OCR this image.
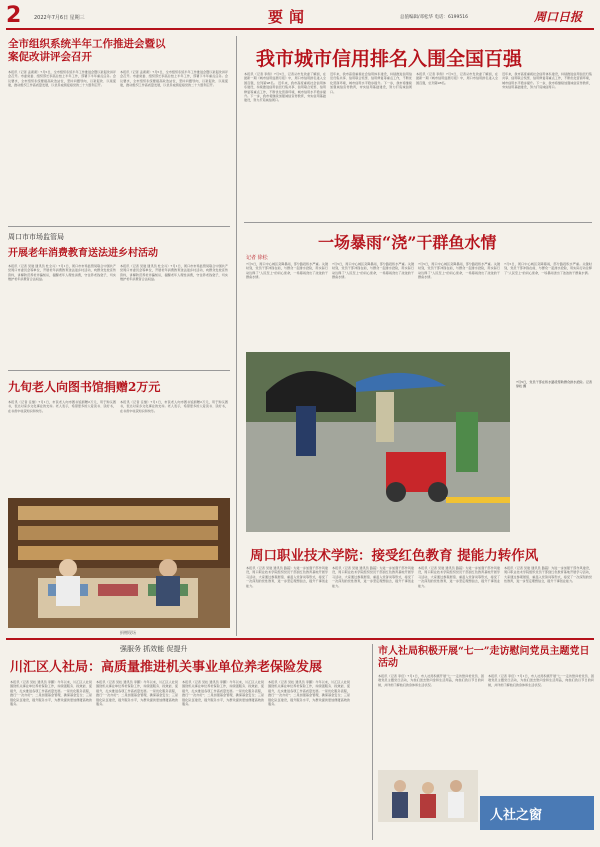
2	2022年7月6日 星期三	要闻	总值编辑/邓松华 电话：6199516	周口日报
全市组织系统半年工作推进会暨以案促改讲评会召开
本报讯（记者 孟素素）7月5日，全市组织系统半年工作推进会暨以案促改讲评会召开。市委常委、组织部长李高总结上半年工作，部署下半年重点任务。会议要求，全市组织系统要提高政治站位，坚持问题导向，以案促改、以案促建，推动组织工作高质量发展，以优异成绩迎接党的二十大胜利召开。
本报讯（记者 孟素素）7月5日，全市组织系统半年工作推进会暨以案促改讲评会召开。市委常委、组织部长李高总结上半年工作，部署下半年重点任务。会议要求，全市组织系统要提高政治站位，坚持问题导向，以案促改、以案促建，推动组织工作高质量发展，以优异成绩迎接党的二十大胜利召开。
周口市市场监管局
开展老年消费教育送法进乡村活动
本报讯（记者 吴建 通讯员 杜全兵）7月1日，周口市市场监管局联合中国共产党周口市委员会等单位，开展老年消费教育送法进乡村活动，向群众发放宣传资料，讲解防范养老诈骗知识，提醒老年人理性消费，守住养老钱袋子，切实维护老年消费者合法权益。
本报讯（记者 吴建 通讯员 杜全兵）7月1日，周口市市场监管局联合中国共产党周口市委员会等单位，开展老年消费教育送法进乡村活动，向群众发放宣传资料，讲解防范养老诈骗知识，提醒老年人理性消费，守住养老钱袋子，切实维护老年消费者合法权益。
九旬老人向图书馆捐赠2万元
本报讯（记者 任继）7月1日，市民老人向市图书馆捐赠2万元，用于购买图书，表达对家乡文化事业的支持。老人表示，希望更多的人爱读书、读好书，在书香中收获知识和快乐。
本报讯（记者 任继）7月1日，市民老人向市图书馆捐赠2万元，用于购买图书，表达对家乡文化事业的支持。老人表示，希望更多的人爱读书、读好书，在书香中收获知识和快乐。
捐赠现场
我市城市信用排名入围全国百强
本报讯（记者 李舸）7月5日，记者从市发改委了解到，在最新一期《城市信用监测月报》中，周口市信用排名进入全国百强，位列第98名。 近年来，我市高度重视社会信用体系建设，持续推进信用信息归集共享、信用联合奖惩、信用修复等重点工作，不断优化营商环境，城市信用水平稳步提升。下一步，我市将继续加强诚信宣传教育，夯实信用基础建设，努力打造诚信周口。
近年来，我市高度重视社会信用体系建设，持续推进信用信息归集共享、信用联合奖惩、信用修复等重点工作，不断优化营商环境，城市信用水平稳步提升。下一步，我市将继续加强诚信宣传教育，夯实信用基础建设，努力打造诚信周口。
本报讯（记者 李舸）7月5日，记者从市发改委了解到，在最新一期《城市信用监测月报》中，周口市信用排名进入全国百强，位列第98名。
近年来，我市高度重视社会信用体系建设，持续推进信用信息归集共享、信用联合奖惩、信用修复等重点工作，不断优化营商环境，城市信用水平稳步提升。下一步，我市将继续加强诚信宣传教育，夯实信用基础建设，努力打造诚信周口。
一场暴雨“浇”干群鱼水情
记者 徐松
7月5日，周口中心城区突降暴雨，部分路段积水严重。关键时刻，党员干部冲锋在前，与群众一起排水抢险，用实际行动诠释了“人民至上”的初心使命，一场暴雨浇出了浓浓的干群鱼水情。
7月5日，周口中心城区突降暴雨，部分路段积水严重。关键时刻，党员干部冲锋在前，与群众一起排水抢险，用实际行动诠释了“人民至上”的初心使命，一场暴雨浇出了浓浓的干群鱼水情。
7月5日，周口中心城区突降暴雨，部分路段积水严重。关键时刻，党员干部冲锋在前，与群众一起排水抢险，用实际行动诠释了“人民至上”的初心使命，一场暴雨浇出了浓浓的干群鱼水情。
7月5日，周口中心城区突降暴雨，部分路段积水严重。关键时刻，党员干部冲锋在前，与群众一起排水抢险，用实际行动诠释了“人民至上”的初心使命，一场暴雨浇出了浓浓的干群鱼水情。
7月5日，党员干部在积水路段帮助群众排水抢险。记者 徐松 摄
周口职业技术学院：接受红色教育 提能力转作风
本报讯（记者 吴建 通讯员 路超）为进一步加强干部作风建设，周口职业技术学院组织党员干部到红色教育基地开展学习活动，大家通过参观展馆、重温入党誓词等形式，接受了一次深刻的党性教育，进一步坚定理想信念，提升干事创业能力。
本报讯（记者 吴建 通讯员 路超）为进一步加强干部作风建设，周口职业技术学院组织党员干部到红色教育基地开展学习活动，大家通过参观展馆、重温入党誓词等形式，接受了一次深刻的党性教育，进一步坚定理想信念，提升干事创业能力。
本报讯（记者 吴建 通讯员 路超）为进一步加强干部作风建设，周口职业技术学院组织党员干部到红色教育基地开展学习活动，大家通过参观展馆、重温入党誓词等形式，接受了一次深刻的党性教育，进一步坚定理想信念，提升干事创业能力。
本报讯（记者 吴建 通讯员 路超）为进一步加强干部作风建设，周口职业技术学院组织党员干部到红色教育基地开展学习活动，大家通过参观展馆、重温入党誓词等形式，接受了一次深刻的党性教育，进一步坚定理想信念，提升干事创业能力。
强服务 抓效能 促提升
川汇区人社局：高质量推进机关事业单位养老保险发展
本报讯（记者 吴松 通讯员 李鹏）今年以来，川汇区人社局围绕机关事业单位养老保险工作，持续强服务、抓效能、促提升，扎实推进各项工作高质量发展。一是优化服务流程，推行“一次办好”；二是加强基金管理，确保基金安全；三是强化队伍建设，提升服务水平，为群众提供更加便捷高效的服务。
本报讯（记者 吴松 通讯员 李鹏）今年以来，川汇区人社局围绕机关事业单位养老保险工作，持续强服务、抓效能、促提升，扎实推进各项工作高质量发展。一是优化服务流程，推行“一次办好”；二是加强基金管理，确保基金安全；三是强化队伍建设，提升服务水平，为群众提供更加便捷高效的服务。
本报讯（记者 吴松 通讯员 李鹏）今年以来，川汇区人社局围绕机关事业单位养老保险工作，持续强服务、抓效能、促提升，扎实推进各项工作高质量发展。一是优化服务流程，推行“一次办好”；二是加强基金管理，确保基金安全；三是强化队伍建设，提升服务水平，为群众提供更加便捷高效的服务。
本报讯（记者 吴松 通讯员 李鹏）今年以来，川汇区人社局围绕机关事业单位养老保险工作，持续强服务、抓效能、促提升，扎实推进各项工作高质量发展。一是优化服务流程，推行“一次办好”；二是加强基金管理，确保基金安全；三是强化队伍建设，提升服务水平，为群众提供更加便捷高效的服务。
市人社局积极开展“七一”走访慰问党员主题党日活动
本报讯（记者 李佳）7月1日，市人社局积极开展“七一”走访慰问老党员、困难党员主题党日活动，为他们送去慰问金和生活用品，向他们致以节日的问候，并详细了解他们的身体和生活状况。
本报讯（记者 李佳）7月1日，市人社局积极开展“七一”走访慰问老党员、困难党员主题党日活动，为他们送去慰问金和生活用品，向他们致以节日的问候，并详细了解他们的身体和生活状况。
人社之窗
